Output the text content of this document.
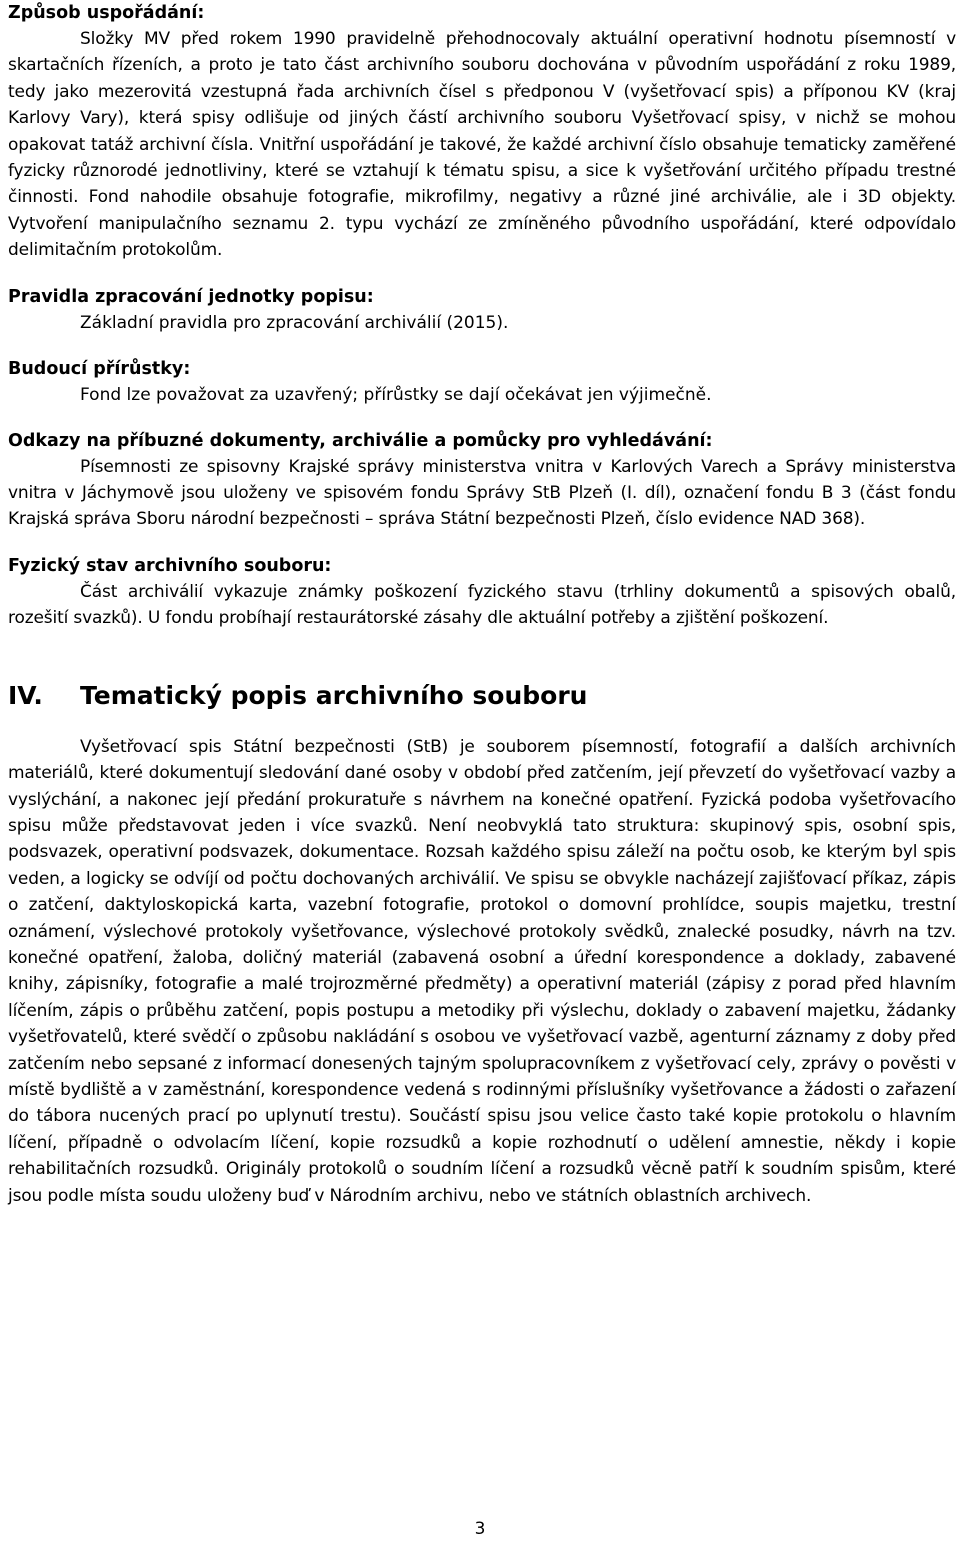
Způsob uspořádání:

Složky MV před rokem 1990 pravidelně přehodnocovaly aktuální operativní hodnotu písemností v skartačních řízeních, a proto je tato část archivního souboru dochována v původním uspořádání z roku 1989, tedy jako mezerovitá vzestupná řada archivních čísel s předponou V (vyšetřovací spis) a příponou KV (kraj Karlovy Vary), která spisy odlišuje od jiných částí archivního souboru Vyšetřovací spisy, v nichž se mohou opakovat tatáž archivní čísla. Vnitřní uspořádání je takové, že každé archivní číslo obsahuje tematicky zaměřené fyzicky různorodé jednotliviny, které se vztahují k tématu spisu, a sice k vyšetřování určitého případu trestné činnosti. Fond nahodile obsahuje fotografie, mikrofilmy, negativy a různé jiné archiválie, ale i 3D objekty. Vytvoření manipulačního seznamu 2. typu vychází ze zmíněného původního uspořádání, které odpovídalo delimitačním protokolům.

Pravidla zpracování jednotky popisu:

Základní pravidla pro zpracování archiválií (2015).

Budoucí přírůstky:

Fond lze považovat za uzavřený; přírůstky se dají očekávat jen výjimečně.

Odkazy na příbuzné dokumenty, archiválie a pomůcky pro vyhledávání:

Písemnosti ze spisovny Krajské správy ministerstva vnitra v Karlových Varech a Správy ministerstva vnitra v Jáchymově jsou uloženy ve spisovém fondu Správy StB Plzeň (I. díl), označení fondu B 3 (část fondu Krajská správa Sboru národní bezpečnosti – správa Státní bezpečnosti Plzeň, číslo evidence NAD 368).

Fyzický stav archivního souboru:

Část archiválií vykazuje známky poškození fyzického stavu (trhliny dokumentů a spisových obalů, rozešití svazků). U fondu probíhají restaurátorské zásahy dle aktuální potřeby a zjištění poškození.

IV.	Tematický popis archivního souboru

Vyšetřovací spis Státní bezpečnosti (StB) je souborem písemností, fotografií a dalších archivních materiálů, které dokumentují sledování dané osoby v období před zatčením, její převzetí do vyšetřovací vazby a vyslýchání, a nakonec její předání prokuratuře s návrhem na konečné opatření. Fyzická podoba vyšetřovacího spisu může představovat jeden i více svazků. Není neobvyklá tato struktura: skupinový spis, osobní spis, podsvazek, operativní podsvazek, dokumentace. Rozsah každého spisu záleží na počtu osob, ke kterým byl spis veden, a logicky se odvíjí od počtu dochovaných archiválií. Ve spisu se obvykle nacházejí zajišťovací příkaz, zápis o zatčení, daktyloskopická karta, vazební fotografie, protokol o domovní prohlídce, soupis majetku, trestní oznámení, výslechové protokoly vyšetřovance, výslechové protokoly svědků, znalecké posudky, návrh na tzv. konečné opatření, žaloba, doličný materiál (zabavená osobní a úřední korespondence a doklady, zabavené knihy, zápisníky, fotografie a malé trojrozměrné předměty) a operativní materiál (zápisy z porad před hlavním líčením, zápis o průběhu zatčení, popis postupu a metodiky při výslechu, doklady o zabavení majetku, žádanky vyšetřovatelů, které svědčí o způsobu nakládání s osobou ve vyšetřovací vazbě, agenturní záznamy z doby před zatčením nebo sepsané z informací donesených tajným spolupracovníkem z vyšetřovací cely, zprávy o pověsti v místě bydliště a v zaměstnání, korespondence vedená s rodinnými příslušníky vyšetřovance a žádosti o zařazení do tábora nucených prací po uplynutí trestu). Součástí spisu jsou velice často také kopie protokolu o hlavním líčení, případně o odvolacím líčení, kopie rozsudků a kopie rozhodnutí o udělení amnestie, někdy i kopie rehabilitačních rozsudků. Originály protokolů o soudním líčení a rozsudků věcně patří k soudním spisům, které jsou podle místa soudu uloženy buď v Národním archivu, nebo ve státních oblastních archivech.

3
